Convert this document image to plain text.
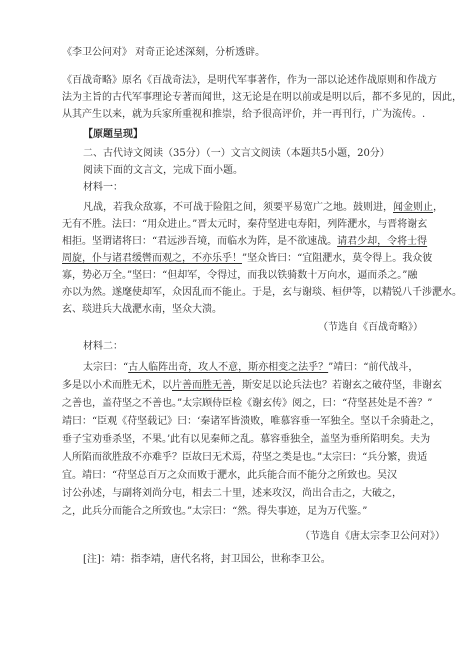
《李卫公问对》 对奇正论述深刻，分析透辟。
《百战奇略》原名《百战奇法》，是明代军事著作，作为一部以论述作战原则和作战方
法为主旨的古代军事理论专著而闻世，这无论是在明以前或是明以后，都不多见的，因此，
从其产生以来，就为兵家所重视和推崇，给予很高评价，并一再刊行，广为流传。.
【原题呈现】
二、古代诗文阅读（35分）（一）文言文阅读（本题共5小题，20分）
阅读下面的文言文，完成下面小题。
材料一：
凡战，若我众敌寡，不可战于险阻之间，须要平易宽广之地。鼓则进，闻金则止，
无有不胜。法曰：“用众进止。”晋太元时，秦苻坚进屯寿阳，列阵淝水，与晋将谢玄
相拒。坚谓诸将曰：“君远涉吾境，而临水为阵，是不欲速战。请君少却，令将士得
周旋，仆与诸君缓辔而观之，不亦乐乎！”坚众皆曰：“宜阻淝水，莫令得上。我众彼
寡，势必万全。”坚曰：“但却军，令得过，而我以铁骑数十万向水，逼而杀之。”融
亦以为然。遂麾使却军，众因乱而不能止。于是，玄与谢琰、桓伊等，以精锐八千涉淝水。
玄、琰进兵大战淝水南，坚众大溃。
（节选自《百战奇略》）
材料二：
太宗曰：“古人临阵出奇，攻人不意，斯亦相变之法乎？”靖曰：“前代战斗，
多是以小术而胜无术，以片善而胜无善，斯安足以论兵法也？若谢玄之破苻坚，非谢玄
之善也，盖苻坚之不善也。”太宗顾侍臣检《谢玄传》阅之，曰：“苻坚甚处是不善？”
靖曰：“臣观《苻坚载记》曰：‘秦诸军皆溃败，唯慕容垂一军独全。坚以千余骑赴之，
垂子宝劝垂杀坚，不果。’此有以见秦师之乱。慕容垂独全，盖坚为垂所陷明矣。夫为
人所陷而欲胜敌不亦难乎？臣故曰无术焉，苻坚之类是也。”太宗曰：“兵分繁，贵适
宜。靖曰：“苻坚总百万之众而败于淝水，此兵能合而不能分之所致也。吴汉
讨公孙述，与副将刘尚分屯，相去二十里，述来攻汉，尚出合击之，大破之，
之，此兵分而能合之所致也。”太宗曰：“然。得失事迹，足为万代鉴。”
（节选自《唐太宗李卫公问对》）
[注]：靖：指李靖，唐代名将，封卫国公，世称李卫公。
